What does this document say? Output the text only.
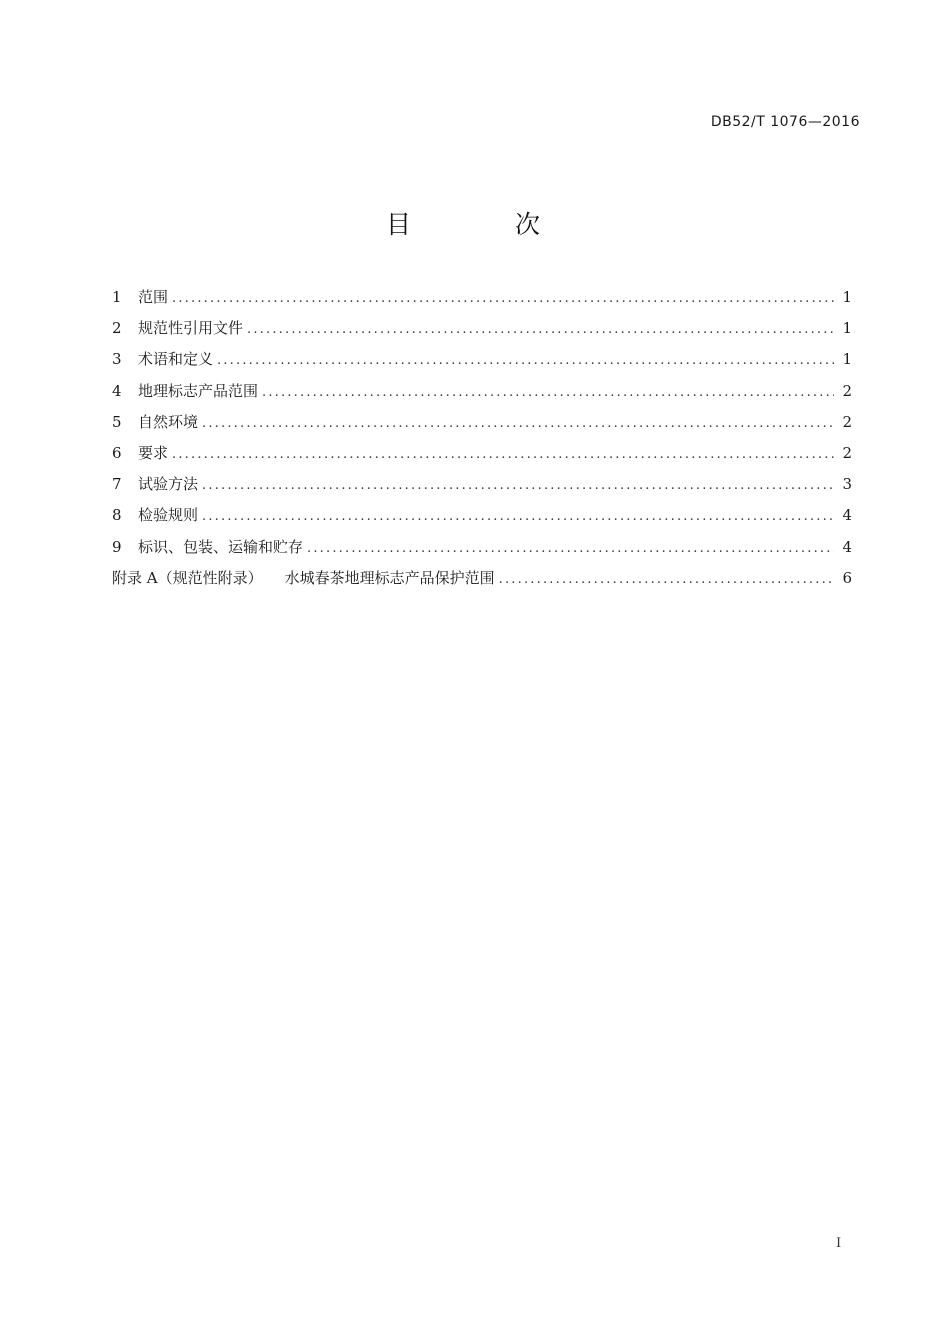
DB52/T 1076—2016
目 次
1	范围 .....	1
2	规范性引用文件 .....	1
3	术语和定义 .....	1
4	地理标志产品范围 .....	2
5	自然环境 .....	2
6	要求 .....	2
7	试验方法 .....	3
8	检验规则 .....	4
9	标识、包装、运输和贮存 .....	4
附录 A（规范性附录） 水城春茶地理标志产品保护范围 .....	6
I
